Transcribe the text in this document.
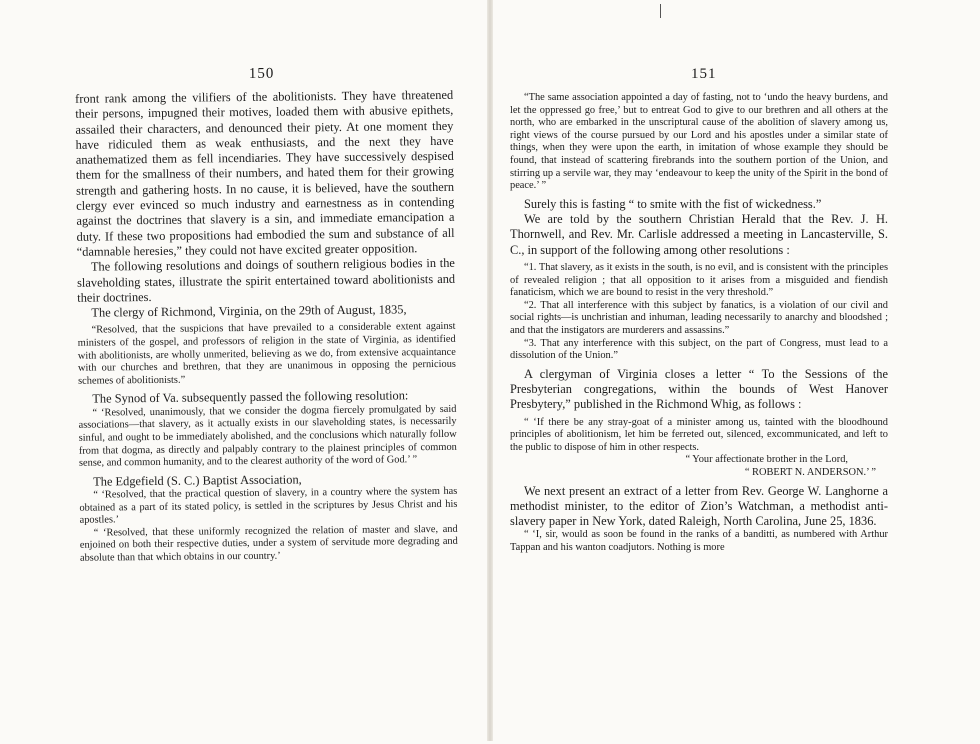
150

front rank among the vilifiers of the abolitionists. They have threatened their persons, impugned their motives, loaded them with abusive epithets, assailed their characters, and denounced their piety. At one moment they have ridiculed them as weak enthusiasts, and the next they have anathematized them as fell incendiaries. They have successively despised them for the smallness of their numbers, and hated them for their growing strength and gathering hosts. In no cause, it is believed, have the southern clergy ever evinced so much industry and earnestness as in contending against the doctrines that slavery is a sin, and immediate emancipation a duty. If these two propositions had embodied the sum and substance of all “damnable heresies,” they could not have excited greater opposition.

The following resolutions and doings of southern religious bodies in the slaveholding states, illustrate the spirit entertained toward abolitionists and their doctrines.

The clergy of Richmond, Virginia, on the 29th of August, 1835,

“Resolved, that the suspicions that have prevailed to a considerable extent against ministers of the gospel, and professors of religion in the state of Virginia, as identified with abolitionists, are wholly unmerited, believing as we do, from extensive acquaintance with our churches and brethren, that they are unanimous in opposing the pernicious schemes of abolitionists.”

The Synod of Va. subsequently passed the following resolution:

“ ‘Resolved, unanimously, that we consider the dogma fiercely promulgated by said associations—that slavery, as it actually exists in our slaveholding states, is necessarily sinful, and ought to be immediately abolished, and the conclusions which naturally follow from that dogma, as directly and palpably contrary to the plainest principles of common sense, and common humanity, and to the clearest authority of the word of God.’ ”

The Edgefield (S. C.) Baptist Association,

“ ‘Resolved, that the practical question of slavery, in a country where the system has obtained as a part of its stated policy, is settled in the scriptures by Jesus Christ and his apostles.’

“ ‘Resolved, that these uniformly recognized the relation of master and slave, and enjoined on both their respective duties, under a system of servitude more degrading and absolute than that which obtains in our country.’

151

“The same association appointed a day of fasting, not to ‘undo the heavy burdens, and let the oppressed go free,’ but to entreat God to give to our brethren and all others at the north, who are embarked in the unscriptural cause of the abolition of slavery among us, right views of the course pursued by our Lord and his apostles under a similar state of things, when they were upon the earth, in imitation of whose example they should be found, that instead of scattering firebrands into the southern portion of the Union, and stirring up a servile war, they may ‘endeavour to keep the unity of the Spirit in the bond of peace.’ ”

Surely this is fasting “ to smite with the fist of wickedness.”

We are told by the southern Christian Herald that the Rev. J. H. Thornwell, and Rev. Mr. Carlisle addressed a meeting in Lancasterville, S. C., in support of the following among other resolutions :

“1. That slavery, as it exists in the south, is no evil, and is consistent with the principles of revealed religion ; that all opposition to it arises from a misguided and fiendish fanaticism, which we are bound to resist in the very threshold.”

“2. That all interference with this subject by fanatics, is a violation of our civil and social rights—is unchristian and inhuman, leading necessarily to anarchy and bloodshed ; and that the instigators are murderers and assassins.”

“3. That any interference with this subject, on the part of Congress, must lead to a dissolution of the Union.”

A clergyman of Virginia closes a letter “ To the Sessions of the Presbyterian congregations, within the bounds of West Hanover Presbytery,” published in the Richmond Whig, as follows :

“ ‘If there be any stray-goat of a minister among us, tainted with the bloodhound principles of abolitionism, let him be ferreted out, silenced, excommunicated, and left to the public to dispose of him in other respects.

“ Your affectionate brother in the Lord,

“ ROBERT N. ANDERSON.’ ”

We next present an extract of a letter from Rev. George W. Langhorne a methodist minister, to the editor of Zion’s Watchman, a methodist anti-slavery paper in New York, dated Raleigh, North Carolina, June 25, 1836.

“ ‘I, sir, would as soon be found in the ranks of a banditti, as numbered with Arthur Tappan and his wanton coadjutors. Nothing is more
